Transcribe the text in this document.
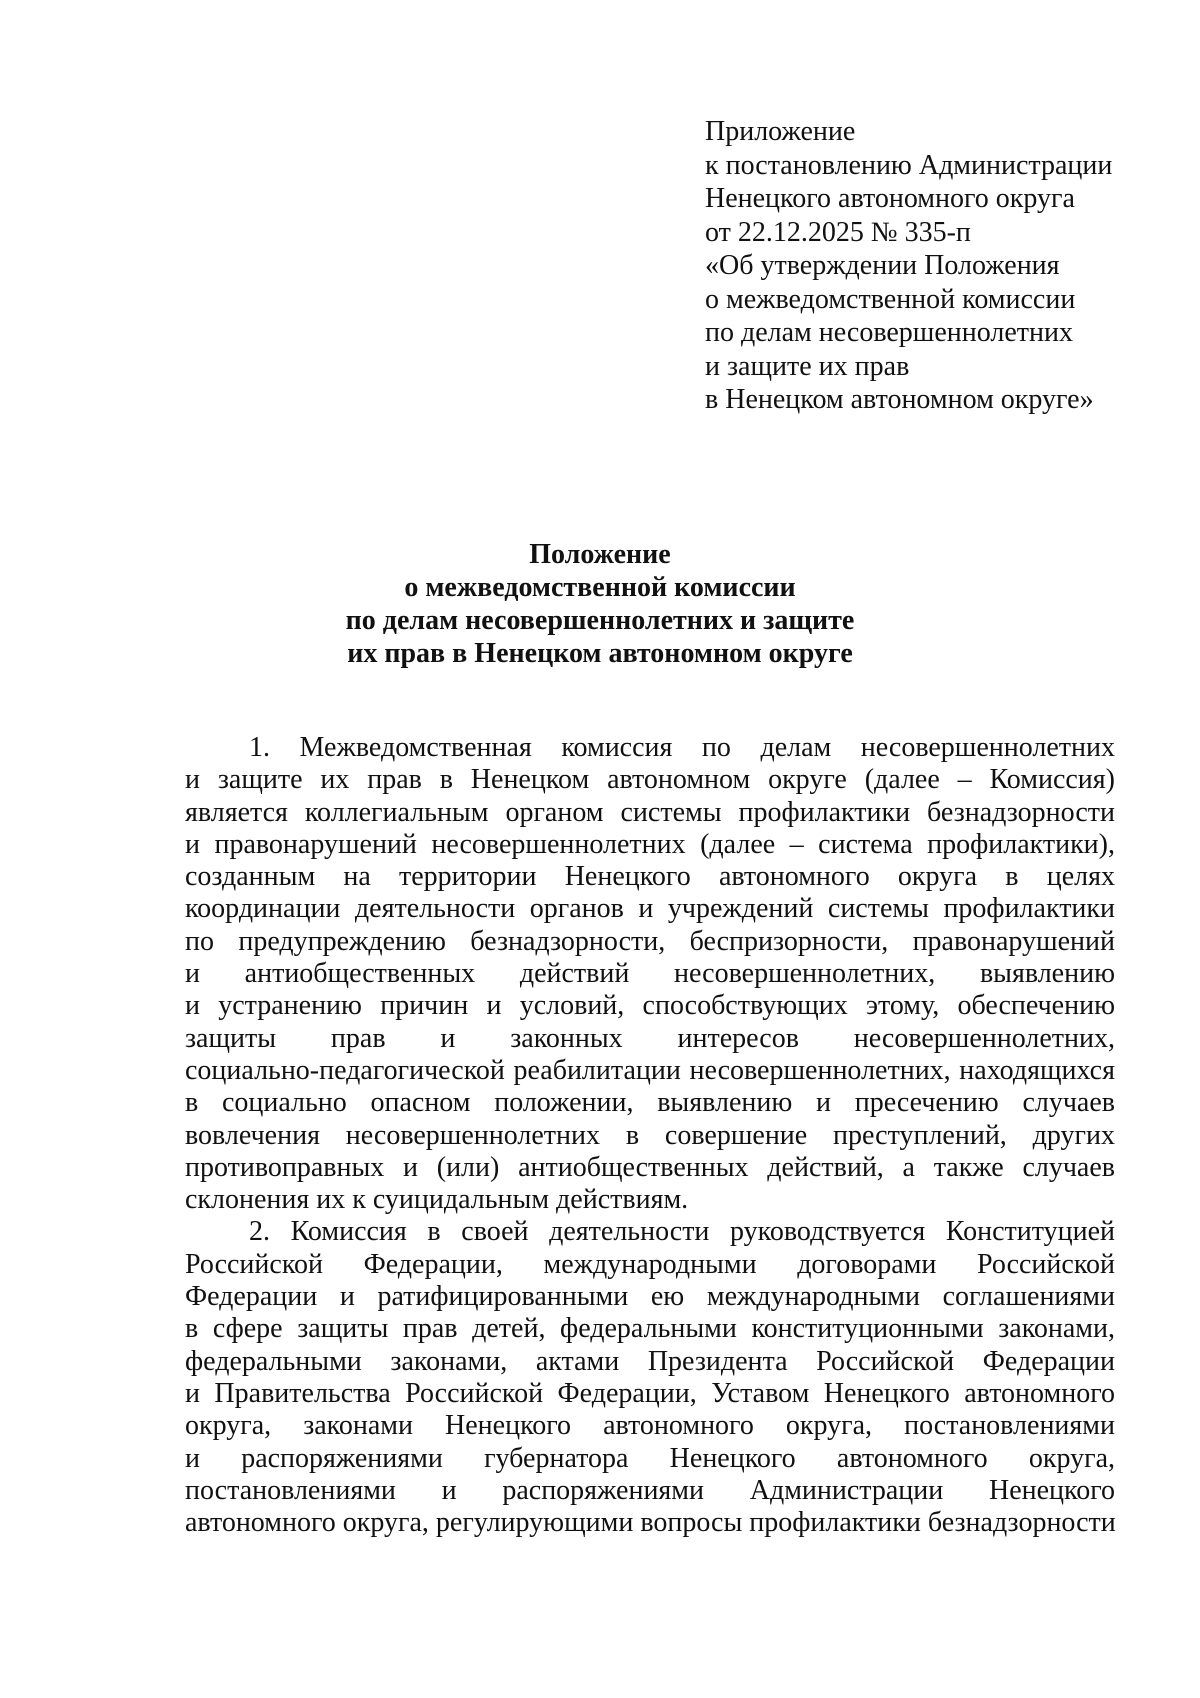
Приложение
к постановлению Администрации
Ненецкого автономного округа
от 22.12.2025 № 335-п
«Об утверждении Положения
о межведомственной комиссии
по делам несовершеннолетних
и защите их прав
в Ненецком автономном округе»
Положение
о межведомственной комиссии
по делам несовершеннолетних и защите
их прав в Ненецком автономном округе
1. Межведомственная комиссия по делам несовершеннолетних
и защите их прав в Ненецком автономном округе (далее – Комиссия)
является коллегиальным органом системы профилактики безнадзорности
и правонарушений несовершеннолетних (далее – система профилактики),
созданным на территории Ненецкого автономного округа в целях
координации деятельности органов и учреждений системы профилактики
по предупреждению безнадзорности, беспризорности, правонарушений
и антиобщественных действий несовершеннолетних, выявлению
и устранению причин и условий, способствующих этому, обеспечению
защиты прав и законных интересов несовершеннолетних,
социально-педагогической реабилитации несовершеннолетних, находящихся
в социально опасном положении, выявлению и пресечению случаев
вовлечения несовершеннолетних в совершение преступлений, других
противоправных и (или) антиобщественных действий, а также случаев
склонения их к суицидальным действиям.
2. Комиссия в своей деятельности руководствуется Конституцией
Российской Федерации, международными договорами Российской
Федерации и ратифицированными ею международными соглашениями
в сфере защиты прав детей, федеральными конституционными законами,
федеральными законами, актами Президента Российской Федерации
и Правительства Российской Федерации, Уставом Ненецкого автономного
округа, законами Ненецкого автономного округа, постановлениями
и распоряжениями губернатора Ненецкого автономного округа,
постановлениями и распоряжениями Администрации Ненецкого
автономного округа, регулирующими вопросы профилактики безнадзорности
